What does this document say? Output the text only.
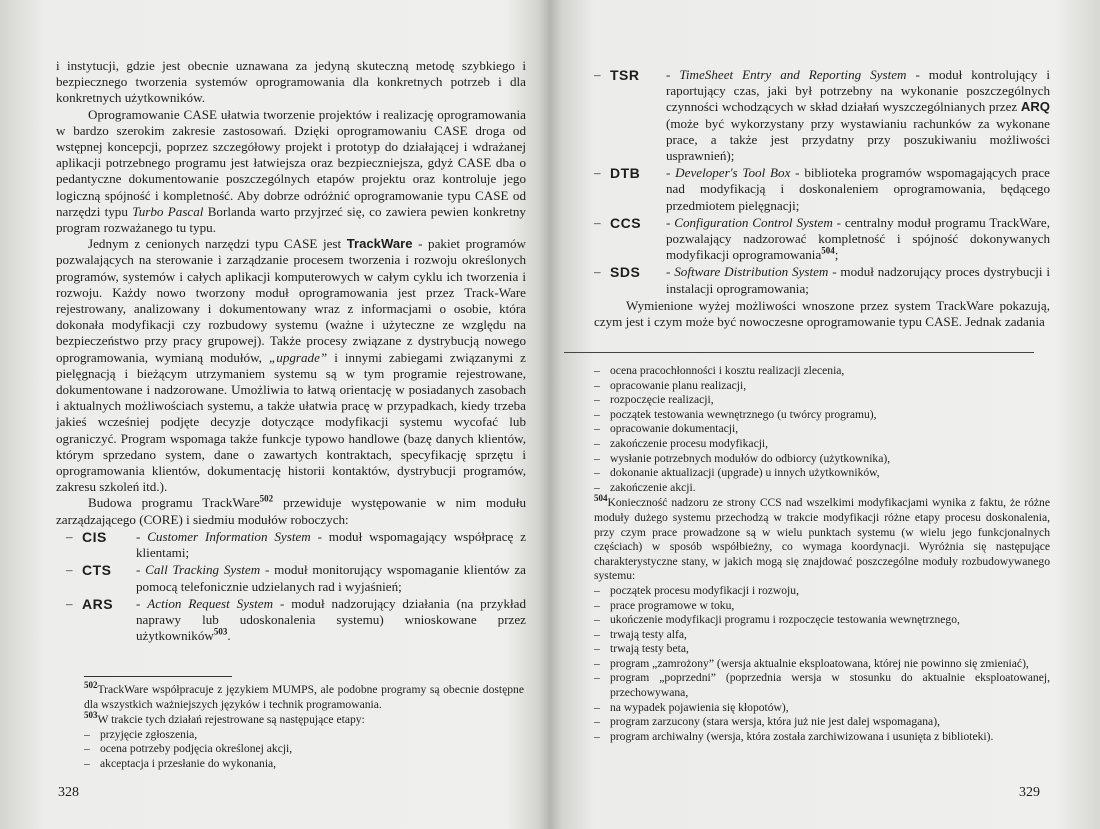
i instytucji, gdzie jest obecnie uznawana za jedyną skuteczną metodę szybkiego i bezpiecznego tworzenia systemów oprogramowania dla konkretnych potrzeb i dla konkretnych użytkowników.

Oprogramowanie CASE ułatwia tworzenie projektów i realizację oprogramowania w bardzo szerokim zakresie zastosowań. Dzięki oprogramowaniu CASE droga od wstępnej koncepcji, poprzez szczegółowy projekt i prototyp do działającej i wdrażanej aplikacji potrzebnego programu jest łatwiejsza oraz bezpieczniejsza, gdyż CASE dba o pedantyczne dokumentowanie poszczególnych etapów projektu oraz kontroluje jego logiczną spójność i kompletność. Aby dobrze odróżnić oprogramowanie typu CASE od narzędzi typu Turbo Pascal Borlanda warto przyjrzeć się, co zawiera pewien konkretny program rozważanego tu typu.

Jednym z cenionych narzędzi typu CASE jest TrackWare - pakiet programów pozwalających na sterowanie i zarządzanie procesem tworzenia i rozwoju określonych programów, systemów i całych aplikacji komputerowych w całym cyklu ich tworzenia i rozwoju. Każdy nowo tworzony moduł oprogramowania jest przez Track-Ware rejestrowany, analizowany i dokumentowany wraz z informacjami o osobie, która dokonała modyfikacji czy rozbudowy systemu (ważne i użyteczne ze względu na bezpieczeństwo przy pracy grupowej). Także procesy związane z dystrybucją nowego oprogramowania, wymianą modułów, „upgrade” i innymi zabiegami związanymi z pielęgnacją i bieżącym utrzymaniem systemu są w tym programie rejestrowane, dokumentowane i nadzorowane. Umożliwia to łatwą orientację w posiadanych zasobach i aktualnych możliwościach systemu, a także ułatwia pracę w przypadkach, kiedy trzeba jakieś wcześniej podjęte decyzje dotyczące modyfikacji systemu wycofać lub ograniczyć. Program wspomaga także funkcje typowo handlowe (bazę danych klientów, którym sprzedano system, dane o zawartych kontraktach, specyfikację sprzętu i oprogramowania klientów, dokumentację historii kontaktów, dystrybucji programów, zakresu szkoleń itd.).

Budowa programu TrackWare$^{502}$ przewiduje występowanie w nim modułu zarządzającego (CORE) i siedmiu modułów roboczych:

– CIS - Customer Information System - moduł wspomagający współpracę z klientami;
– CTS - Call Tracking System - moduł monitorujący wspomaganie klientów za pomocą telefonicznie udzielanych rad i wyjaśnień;
– ARS - Action Request System - moduł nadzorujący działania (na przykład naprawy lub udoskonalenia systemu) wnioskowane przez użytkowników$^{503}$.
$^{502}$TrackWare współpracuje z językiem MUMPS, ale podobne programy są obecnie dostępne dla wszystkich ważniejszych języków i technik programowania.
$^{503}$W trakcie tych działań rejestrowane są następujące etapy:
– przyjęcie zgłoszenia,
– ocena potrzeby podjęcia określonej akcji,
– akceptacja i przesłanie do wykonania,
328
– TSR - TimeSheet Entry and Reporting System - moduł kontrolujący i raportujący czas, jaki był potrzebny na wykonanie poszczególnych czynności wchodzących w skład działań wyszczególnianych przez ARQ (może być wykorzystany przy wystawianiu rachunków za wykonane prace, a także jest przydatny przy poszukiwaniu możliwości usprawnień);
– DTB - Developer's Tool Box - biblioteka programów wspomagających prace nad modyfikacją i doskonaleniem oprogramowania, będącego przedmiotem pielęgnacji;
– CCS - Configuration Control System - centralny moduł programu TrackWare, pozwalający nadzorować kompletność i spójność dokonywanych modyfikacji oprogramowania$^{504}$;
– SDS - Software Distribution System - moduł nadzorujący proces dystrybucji i instalacji oprogramowania;

Wymienione wyżej możliwości wnoszone przez system TrackWare pokazują, czym jest i czym może być nowoczesne oprogramowanie typu CASE. Jednak zadania

– ocena pracochłonności i kosztu realizacji zlecenia,
– opracowanie planu realizacji,
– rozpoczęcie realizacji,
– początek testowania wewnętrznego (u twórcy programu),
– opracowanie dokumentacji,
– zakończenie procesu modyfikacji,
– wysłanie potrzebnych modułów do odbiorcy (użytkownika),
– dokonanie aktualizacji (upgrade) u innych użytkowników,
– zakończenie akcji.
$^{504}$Konieczność nadzoru ze strony CCS nad wszelkimi modyfikacjami wynika z faktu, że różne moduły dużego systemu przechodzą w trakcie modyfikacji różne etapy procesu doskonalenia, przy czym prace prowadzone są w wielu punktach systemu (w wielu jego funkcjonalnych częściach) w sposób współbieżny, co wymaga koordynacji. Wyróżnia się następujące charakterystyczne stany, w jakich mogą się znajdować poszczególne moduły rozbudowywanego systemu:
– początek procesu modyfikacji i rozwoju,
– prace programowe w toku,
– ukończenie modyfikacji programu i rozpoczęcie testowania wewnętrznego,
– trwają testy alfa,
– trwają testy beta,
– program „zamrożony” (wersja aktualnie eksploatowana, której nie powinno się zmieniać),
– program „poprzedni” (poprzednia wersja w stosunku do aktualnie eksploatowanej, przechowywana,
– na wypadek pojawienia się kłopotów),
– program zarzucony (stara wersja, która już nie jest dalej wspomagana),
– program archiwalny (wersja, która została zarchiwizowana i usunięta z biblioteki).
329
